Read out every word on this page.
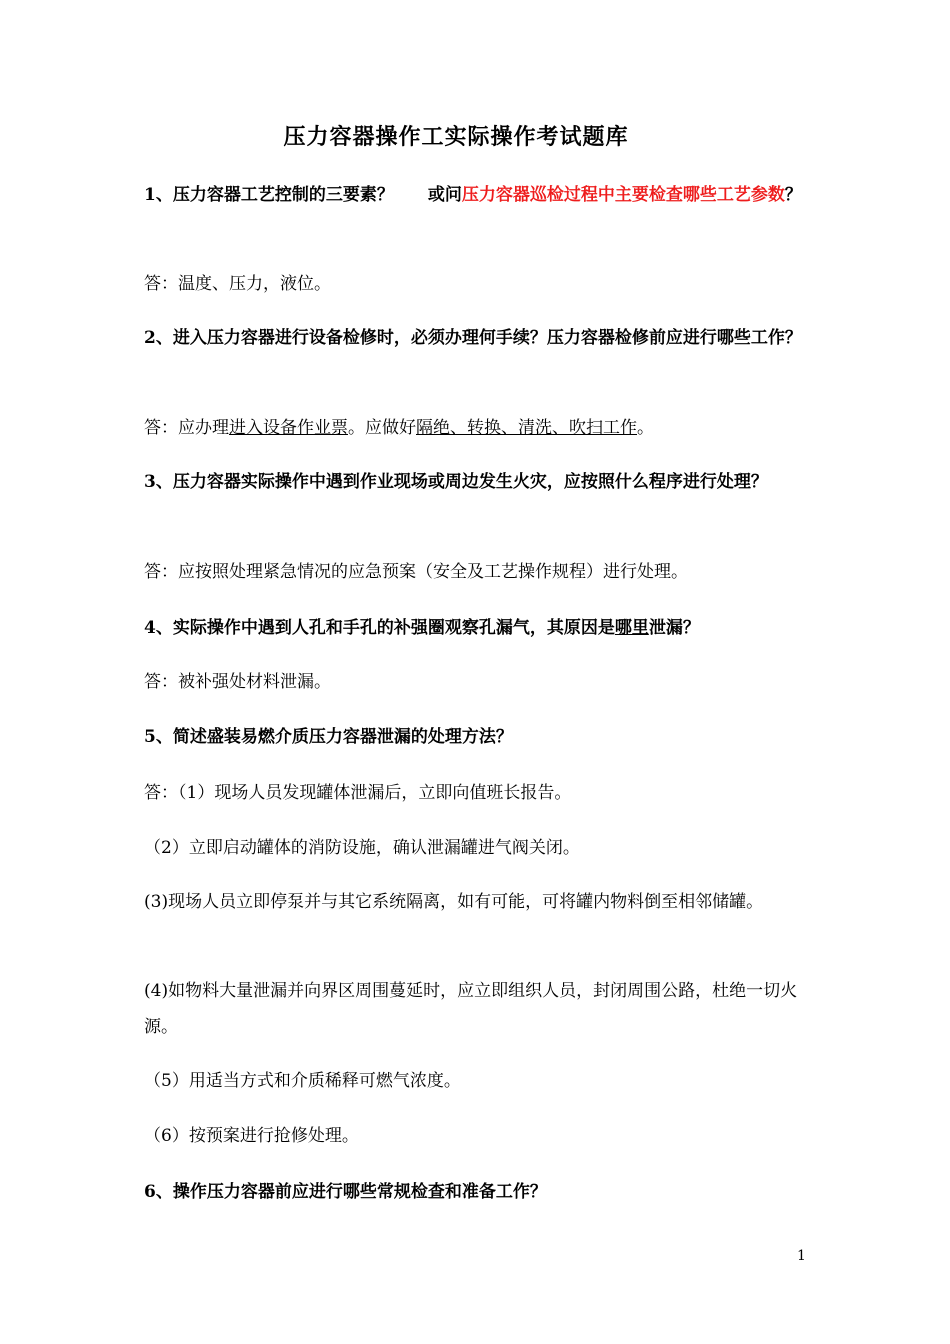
压力容器操作工实际操作考试题库
1、压力容器工艺控制的三要素？　　或问压力容器巡检过程中主要检查哪些工艺参数？
答：温度、压力，液位。
2、进入压力容器进行设备检修时，必须办理何手续？压力容器检修前应进行哪些工作？
答：应办理进入设备作业票。应做好隔绝、转换、清洗、吹扫工作。
3、压力容器实际操作中遇到作业现场或周边发生火灾，应按照什么程序进行处理？
答：应按照处理紧急情况的应急预案（安全及工艺操作规程）进行处理。
4、实际操作中遇到人孔和手孔的补强圈观察孔漏气，其原因是哪里泄漏？
答：被补强处材料泄漏。
5、简述盛装易燃介质压力容器泄漏的处理方法？
答：（1）现场人员发现罐体泄漏后，立即向值班长报告。
（2）立即启动罐体的消防设施，确认泄漏罐进气阀关闭。
(3)现场人员立即停泵并与其它系统隔离，如有可能，可将罐内物料倒至相邻储罐。
(4)如物料大量泄漏并向界区周围蔓延时，应立即组织人员，封闭周围公路，杜绝一切火源。
（5）用适当方式和介质稀释可燃气浓度。
（6）按预案进行抢修处理。
6、操作压力容器前应进行哪些常规检查和准备工作？
1
